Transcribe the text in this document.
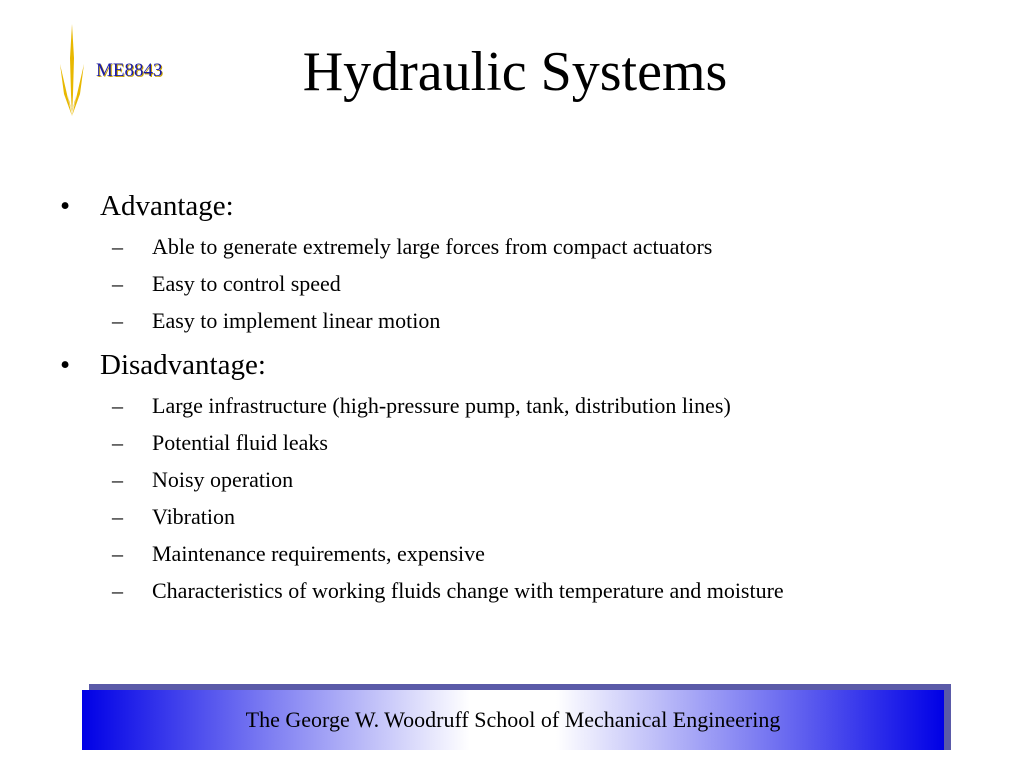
ME8843	Hydraulic Systems
•	Advantage:
–	Able to generate extremely large forces from compact actuators
–	Easy to control speed
–	Easy to implement linear motion
•	Disadvantage:
–	Large infrastructure (high-pressure pump, tank, distribution lines)
–	Potential fluid leaks
–	Noisy operation
–	Vibration
–	Maintenance requirements, expensive
–	Characteristics of working fluids change with temperature and moisture
The George W. Woodruff School of Mechanical Engineering
